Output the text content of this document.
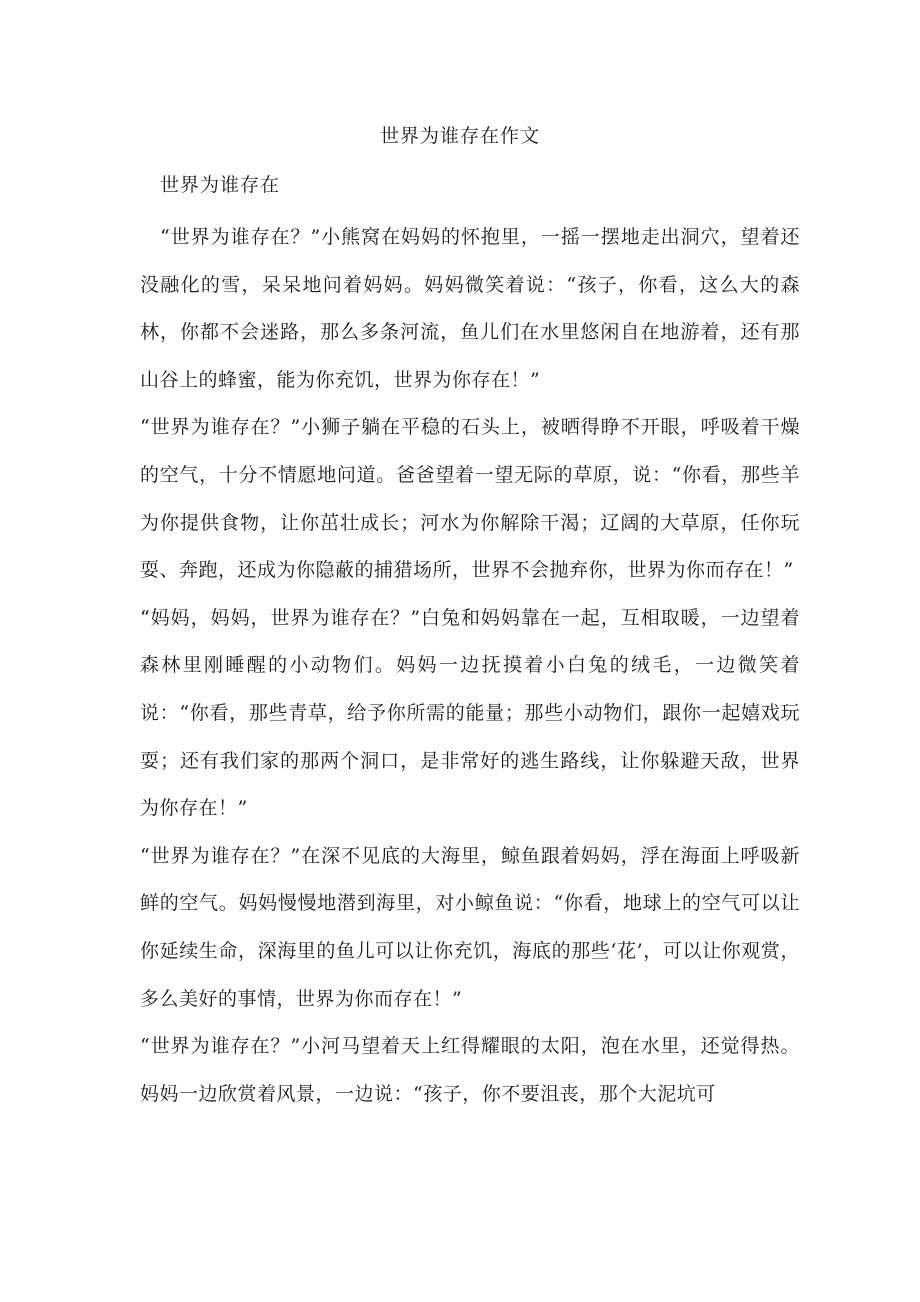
世界为谁存在作文
世界为谁存在

“世界为谁存在？”小熊窝在妈妈的怀抱里，一摇一摆地走出洞穴，望着还没融化的雪，呆呆地问着妈妈。妈妈微笑着说：“孩子，你看，这么大的森林，你都不会迷路，那么多条河流，鱼儿们在水里悠闲自在地游着，还有那山谷上的蜂蜜，能为你充饥，世界为你存在！”

“世界为谁存在？”小狮子躺在平稳的石头上，被晒得睁不开眼，呼吸着干燥的空气，十分不情愿地问道。爸爸望着一望无际的草原，说：“你看，那些羊为你提供食物，让你茁壮成长；河水为你解除干渴；辽阔的大草原，任你玩耍、奔跑，还成为你隐蔽的捕猎场所，世界不会抛弃你，世界为你而存在！”

“妈妈，妈妈，世界为谁存在？”白兔和妈妈靠在一起，互相取暖，一边望着森林里刚睡醒的小动物们。妈妈一边抚摸着小白兔的绒毛，一边微笑着说：“你看，那些青草，给予你所需的能量；那些小动物们，跟你一起嬉戏玩耍；还有我们家的那两个洞口，是非常好的逃生路线，让你躲避天敌，世界为你存在！”

“世界为谁存在？”在深不见底的大海里，鲸鱼跟着妈妈，浮在海面上呼吸新鲜的空气。妈妈慢慢地潜到海里，对小鲸鱼说：“你看，地球上的空气可以让你延续生命，深海里的鱼儿可以让你充饥，海底的那些‘花’，可以让你观赏，多么美好的事情，世界为你而存在！”

“世界为谁存在？”小河马望着天上红得耀眼的太阳，泡在水里，还觉得热。妈妈一边欣赏着风景，一边说：“孩子，你不要沮丧，那个大泥坑可
